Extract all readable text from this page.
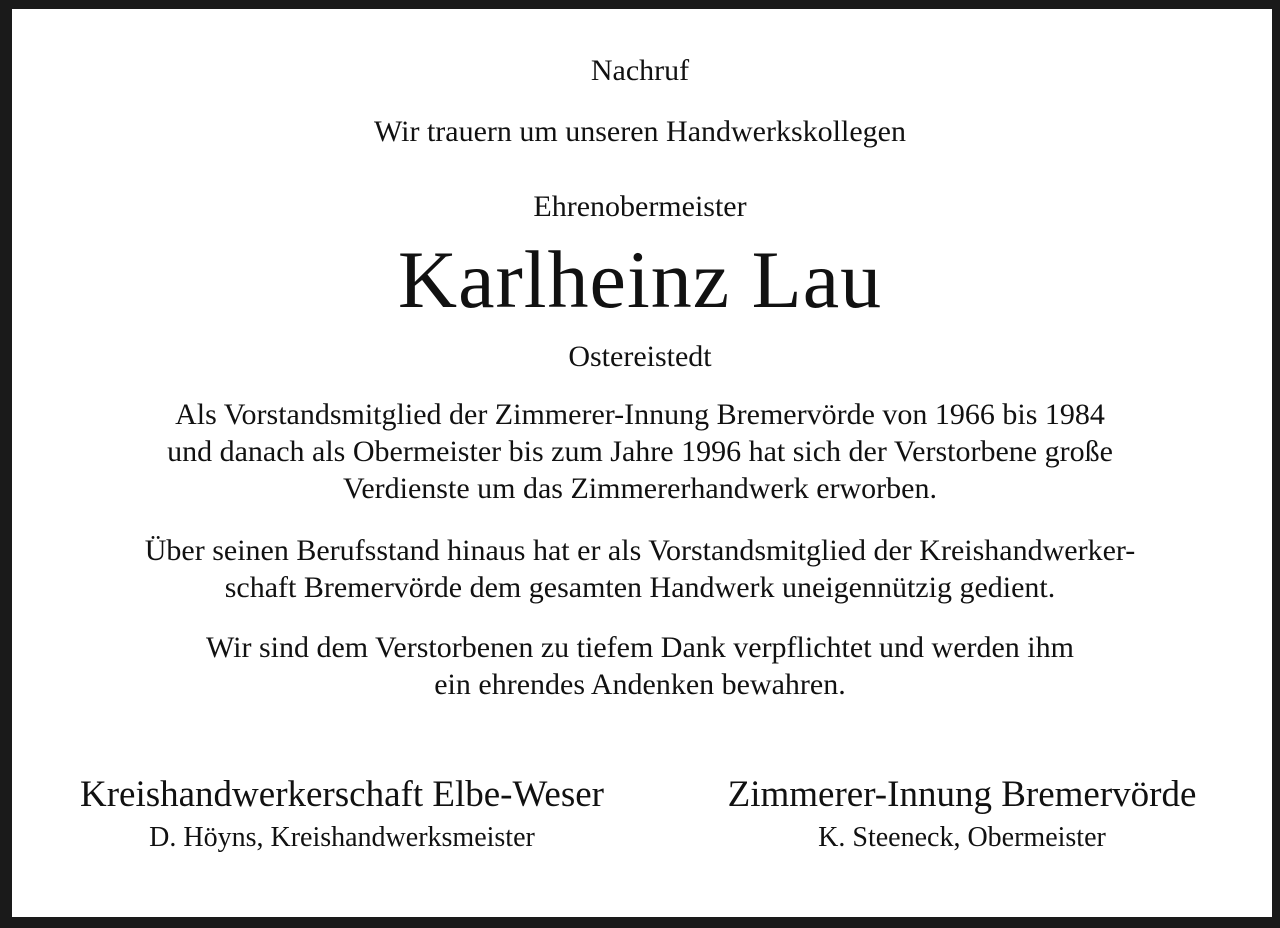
Nachruf

Wir trauern um unseren Handwerkskollegen

Ehrenobermeister

Karlheinz Lau

Ostereistedt

Als Vorstandsmitglied der Zimmerer-Innung Bremervörde von 1966 bis 1984
und danach als Obermeister bis zum Jahre 1996 hat sich der Verstorbene große
Verdienste um das Zimmererhandwerk erworben.
Über seinen Berufsstand hinaus hat er als Vorstandsmitglied der Kreishandwerker-
schaft Bremervörde dem gesamten Handwerk uneigennützig gedient.
Wir sind dem Verstorbenen zu tiefem Dank verpflichtet und werden ihm
ein ehrendes Andenken bewahren.
Kreishandwerkerschaft Elbe-Weser
D. Höyns, Kreishandwerksmeister
Zimmerer-Innung Bremervörde
K. Steeneck, Obermeister
